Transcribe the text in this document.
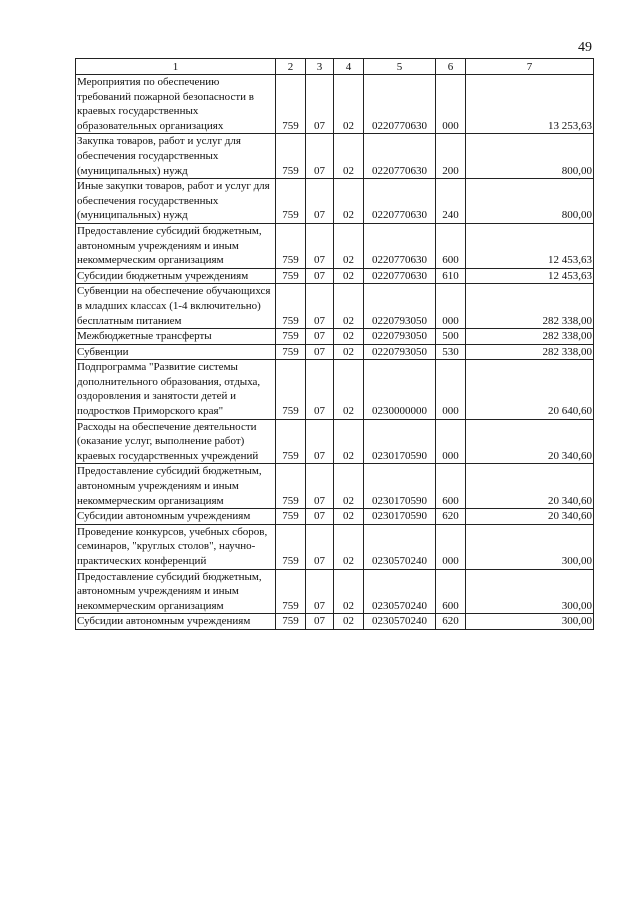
49
1	2	3	4	5	6	7
Мероприятия по обеспечению требований пожарной безопасности в краевых государственных образовательных организациях	759	07	02	0220770630	000	13 253,63
Закупка товаров, работ и услуг для обеспечения государственных (муниципальных) нужд	759	07	02	0220770630	200	800,00
Иные закупки товаров, работ и услуг для обеспечения государственных (муниципальных) нужд	759	07	02	0220770630	240	800,00
Предоставление субсидий бюджетным, автономным учреждениям и иным некоммерческим организациям	759	07	02	0220770630	600	12 453,63
Субсидии бюджетным учреждениям	759	07	02	0220770630	610	12 453,63
Субвенции на обеспечение обучающихся в младших классах (1-4 включительно) бесплатным питанием	759	07	02	0220793050	000	282 338,00
Межбюджетные трансферты	759	07	02	0220793050	500	282 338,00
Субвенции	759	07	02	0220793050	530	282 338,00
Подпрограмма "Развитие системы дополнительного образования, отдыха, оздоровления и занятости детей и подростков Приморского края"	759	07	02	0230000000	000	20 640,60
Расходы на обеспечение деятельности (оказание услуг, выполнение работ) краевых государственных учреждений	759	07	02	0230170590	000	20 340,60
Предоставление субсидий бюджетным, автономным учреждениям и иным некоммерческим организациям	759	07	02	0230170590	600	20 340,60
Субсидии автономным учреждениям	759	07	02	0230170590	620	20 340,60
Проведение конкурсов, учебных сборов, семинаров, "круглых столов", научно-практических конференций	759	07	02	0230570240	000	300,00
Предоставление субсидий бюджетным, автономным учреждениям и иным некоммерческим организациям	759	07	02	0230570240	600	300,00
Субсидии автономным учреждениям	759	07	02	0230570240	620	300,00
